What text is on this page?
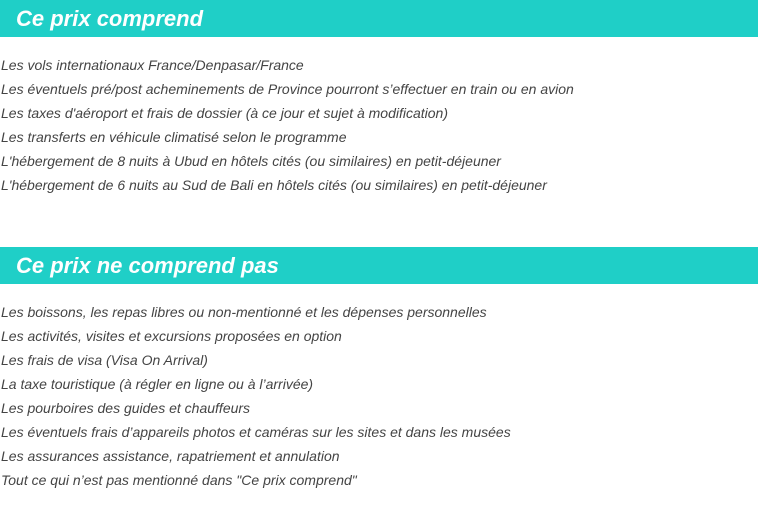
Ce prix comprend
Les vols internationaux France/Denpasar/France
Les éventuels pré/post acheminements de Province pourront s’effectuer en train ou en avion
Les taxes d'aéroport et frais de dossier (à ce jour et sujet à modification)
Les transferts en véhicule climatisé selon le programme
L'hébergement de 8 nuits à Ubud en hôtels cités (ou similaires) en petit-déjeuner
L'hébergement de 6 nuits au Sud de Bali en hôtels cités (ou similaires) en petit-déjeuner
Ce prix ne comprend pas
Les boissons, les repas libres ou non-mentionné et les dépenses personnelles
Les activités, visites et excursions proposées en option
Les frais de visa (Visa On Arrival)
La taxe touristique (à régler en ligne ou à l’arrivée)
Les pourboires des guides et chauffeurs
Les éventuels frais d’appareils photos et caméras sur les sites et dans les musées
Les assurances assistance, rapatriement et annulation
Tout ce qui n’est pas mentionné dans "Ce prix comprend"
